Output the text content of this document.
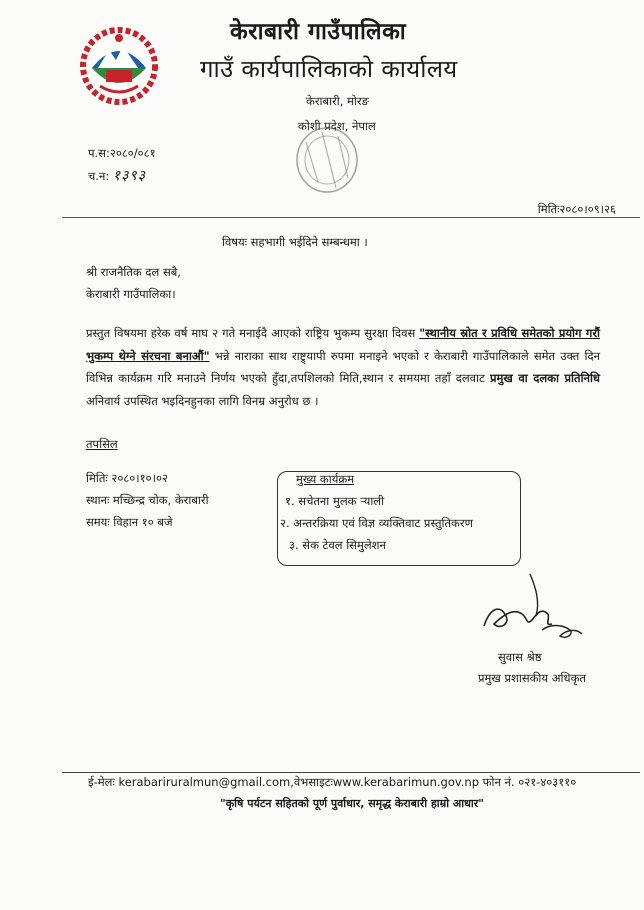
केराबारी गाउँपालिका
गाउँ कार्यपालिकाको कार्यालय
केराबारी, मोरङ
कोशी प्रदेश, नेपाल
प.स:२०८०/०८१
च.न: १३९३
मितिः२०८०।०९।२६
विषयः सहभागी भईदिने सम्बन्धमा ।
श्री राजनैतिक दल सबै,
केराबारी गाउँपालिका।
प्रस्तुत विषयमा हरेक वर्ष माघ २ गते मनाईदै आएको राष्ट्रिय भुकम्प सुरक्षा दिवस "स्थानीय स्रोत र प्रविधि समेतको प्रयोग गरौं भुकम्प थेग्ने संरचना बनाऔं" भन्ने नाराका साथ राष्ट्र्यापी रुपमा मनाइने भएको र केराबारी गाउँपालिकाले समेत उक्त दिन विभिन्न कार्यक्रम गरि मनाउने निर्णय भएको हुँदा,तपशिलको मिति,स्थान र समयमा तहाँ दलवाट प्रमुख वा दलका प्रतिनिधि अनिवार्य उपस्थित भइदिनहुनका लागि विनम्र अनुरोध छ ।
तपसिल
मितिः २०८०।१०।०२
स्थानः मच्छिन्द्र चोक, केराबारी
समयः विहान १० बजे
मुख्य कार्यक्रम
१. सचेतना मुलक र्‍याली
२. अन्तरक्रिया एवं विज्ञ व्यक्तिवाट प्रस्तुतिकरण
३. सेक टेवल सिमुलेशन
सुवास श्रेष्ठ
प्रमुख प्रशासकीय अधिकृत
ई-मेलः kerabariruralmun@gmail.com,वेभसाइटःwww.kerabarimun.gov.np फोन नं. ०२१-४०३११०
"कृषि पर्यटन सहितको पूर्ण पुर्वाधार, समृद्ध केराबारी हाम्रो आधार"
